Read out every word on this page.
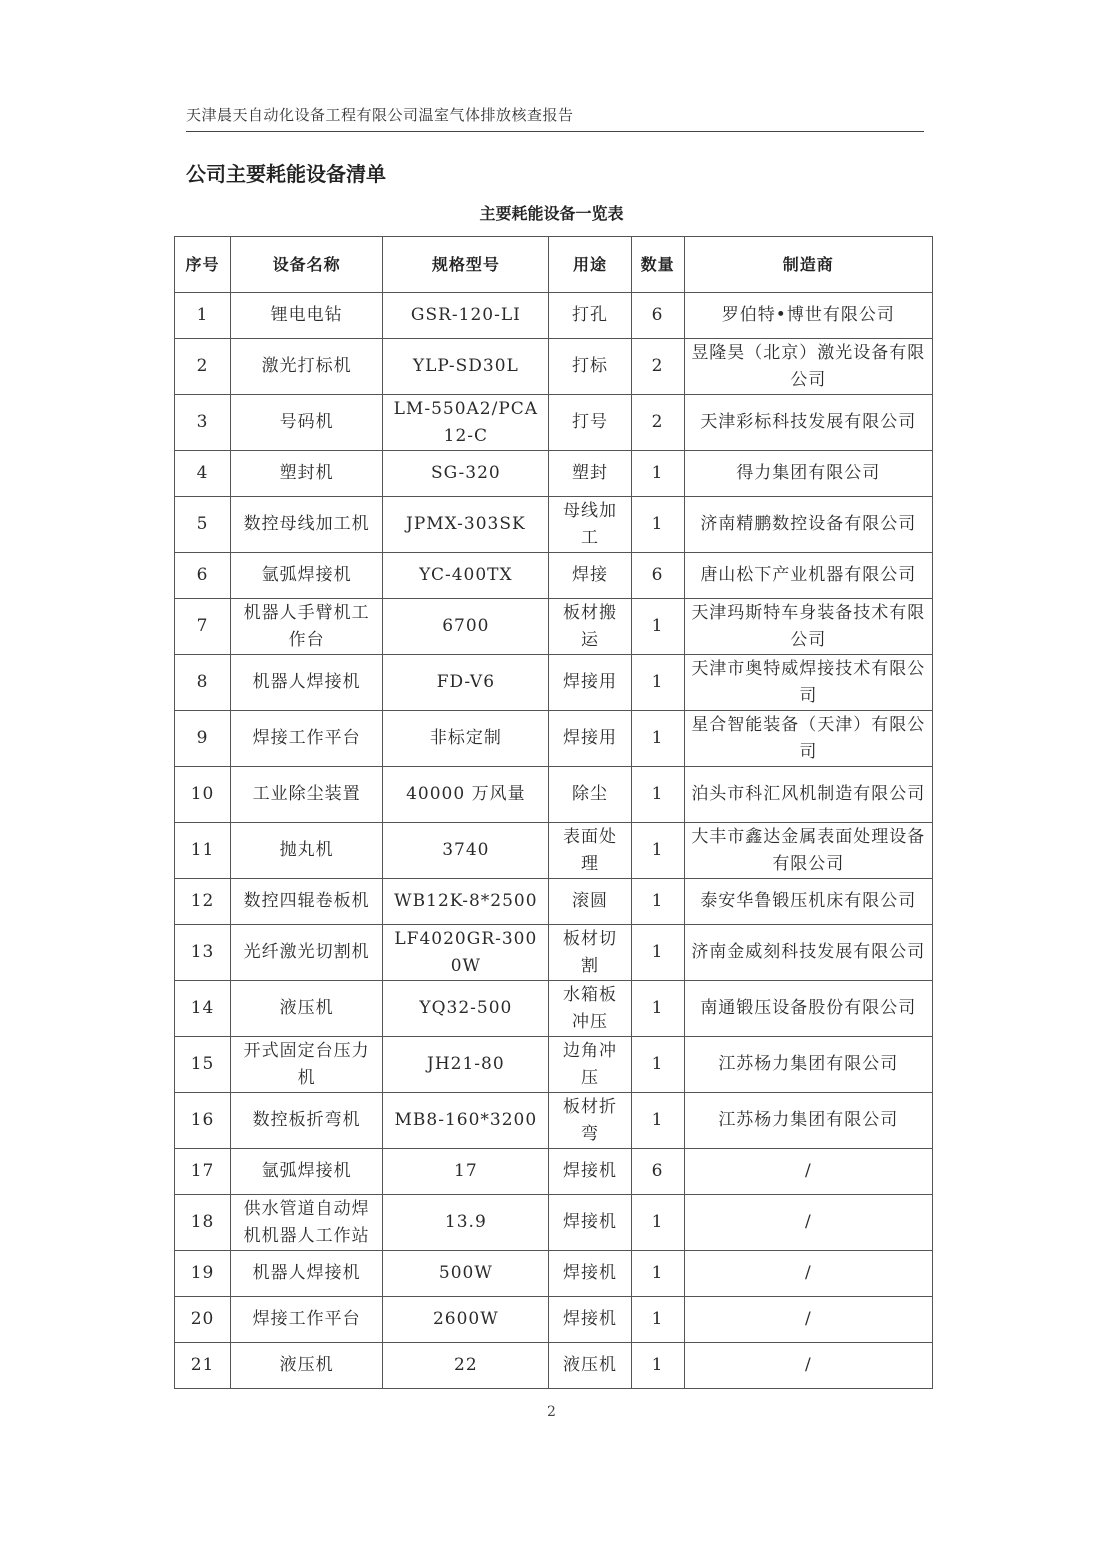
天津晨天自动化设备工程有限公司温室气体排放核查报告
公司主要耗能设备清单
主要耗能设备一览表
序号	设备名称	规格型号	用途	数量	制造商
1	锂电电钻	GSR-120-LI	打孔	6	罗伯特•博世有限公司
2	激光打标机	YLP-SD30L	打标	2	昱隆昊（北京）激光设备有限公司
3	号码机	LM-550A2/PCA12-C	打号	2	天津彩标科技发展有限公司
4	塑封机	SG-320	塑封	1	得力集团有限公司
5	数控母线加工机	JPMX-303SK	母线加工	1	济南精鹏数控设备有限公司
6	氩弧焊接机	YC-400TX	焊接	6	唐山松下产业机器有限公司
7	机器人手臂机工作台	6700	板材搬运	1	天津玛斯特车身装备技术有限公司
8	机器人焊接机	FD-V6	焊接用	1	天津市奥特威焊接技术有限公司
9	焊接工作平台	非标定制	焊接用	1	星合智能装备（天津）有限公司
10	工业除尘装置	40000 万风量	除尘	1	泊头市科汇风机制造有限公司
11	抛丸机	3740	表面处理	1	大丰市鑫达金属表面处理设备有限公司
12	数控四辊卷板机	WB12K-8*2500	滚圆	1	泰安华鲁锻压机床有限公司
13	光纤激光切割机	LF4020GR-3000W	板材切割	1	济南金威刻科技发展有限公司
14	液压机	YQ32-500	水箱板冲压	1	南通锻压设备股份有限公司
15	开式固定台压力机	JH21-80	边角冲压	1	江苏杨力集团有限公司
16	数控板折弯机	MB8-160*3200	板材折弯	1	江苏杨力集团有限公司
17	氩弧焊接机	17	焊接机	6	/
18	供水管道自动焊机机器人工作站	13.9	焊接机	1	/
19	机器人焊接机	500W	焊接机	1	/
20	焊接工作平台	2600W	焊接机	1	/
21	液压机	22	液压机	1	/
2
